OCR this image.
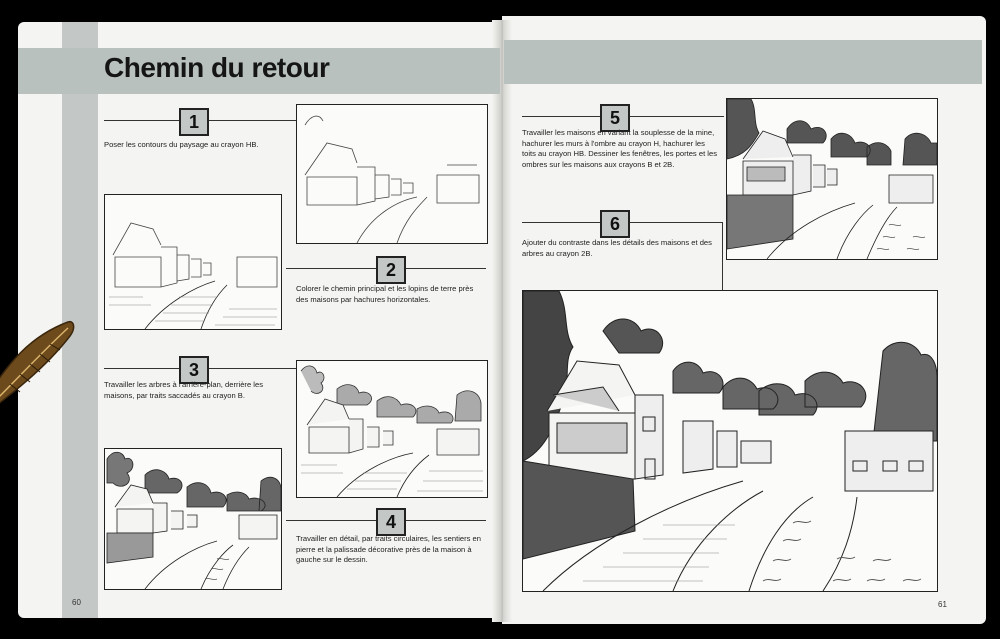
Chemin du retour
1
Poser les contours du paysage au crayon HB.
2
Colorer le chemin principal et les lopins de terre près des maisons par hachures horizontales.
3
Travailler les arbres à l'arrière-plan, derrière les maisons, par traits saccadés au crayon B.
4
Travailler en détail, par traits circulaires, les sentiers en pierre et la palissade décorative près de la maison à gauche sur le dessin.
60
5
Travailler les maisons en variant la souplesse de la mine, hachurer les murs à l'ombre au crayon H, hachurer les toits au crayon HB. Dessiner les fenêtres, les portes et les ombres sur les maisons aux crayons B et 2B.
6
Ajouter du contraste dans les détails des maisons et des arbres au crayon 2B.
61
